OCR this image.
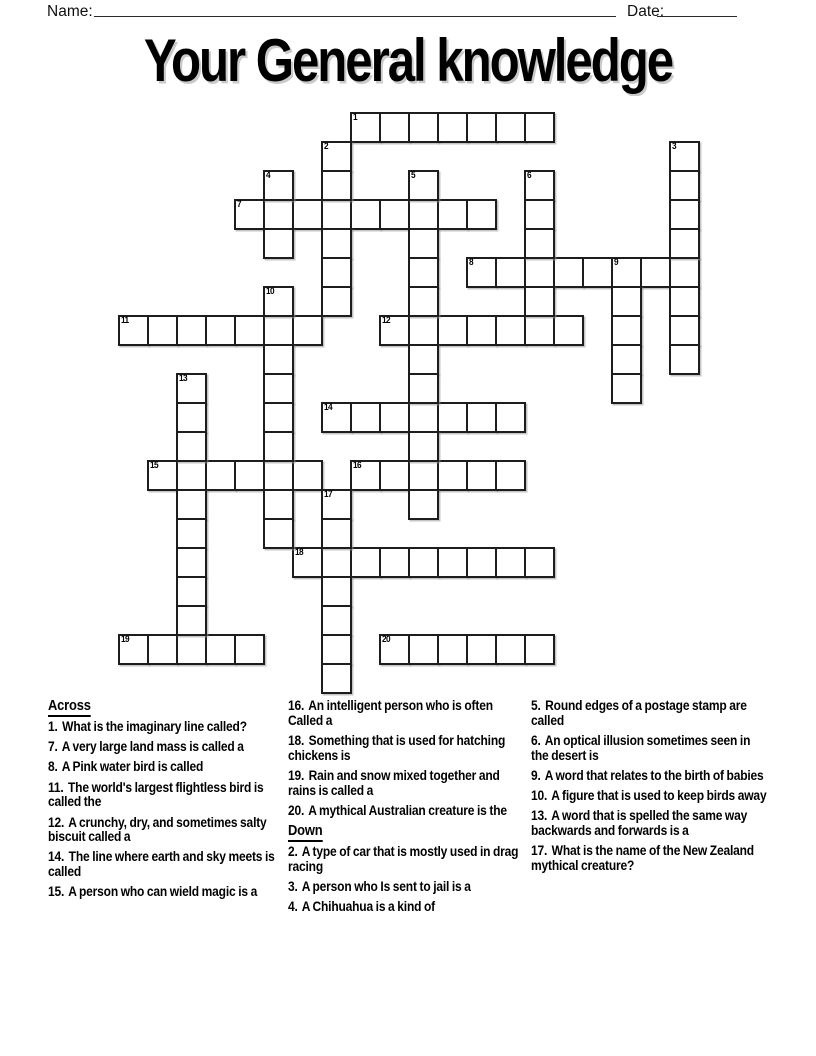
Name:	Date:
Your General knowledge
1
7
8	9
11	12
14
15	16
18
19	20
2	3
4	5	6
10
13
17
Across
1. What is the imaginary line called?
7. A very large land mass is called a
8. A Pink water bird is called
11. The world's largest flightless bird is called the
12. A crunchy, dry, and sometimes salty biscuit called a
14. The line where earth and sky meets is called
15. A person who can wield magic is a
16. An intelligent person who is often Called a
18. Something that is used for hatching chickens is
19. Rain and snow mixed together and rains is called a
20. A mythical Australian creature is the
Down
2. A type of car that is mostly used in drag racing
3. A person who Is sent to jail is a
4. A Chihuahua is a kind of
5. Round edges of a postage stamp are called
6. An optical illusion sometimes seen in the desert is
9. A word that relates to the birth of babies
10. A figure that is used to keep birds away
13. A word that is spelled the same way backwards and forwards is a
17. What is the name of the New Zealand mythical creature?
